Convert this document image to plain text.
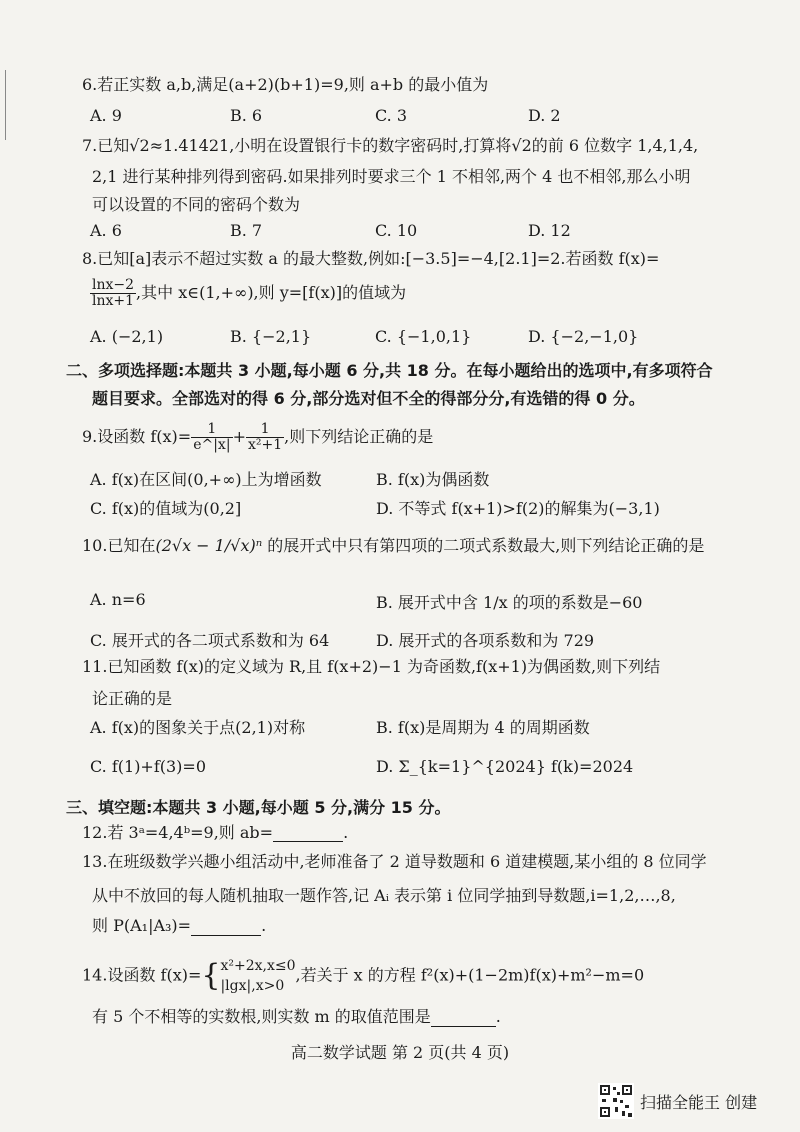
6.若正实数 a,b,满足(a+2)(b+1)=9,则 a+b 的最小值为
A. 9	B. 6	C. 3	D. 2
7.已知√2≈1.41421,小明在设置银行卡的数字密码时,打算将√2的前 6 位数字 1,4,1,4,
2,1 进行某种排列得到密码.如果排列时要求三个 1 不相邻,两个 4 也不相邻,那么小明
可以设置的不同的密码个数为
A. 6	B. 7	C. 10	D. 12
8.已知[a]表示不超过实数 a 的最大整数,例如:[−3.5]=−4,[2.1]=2.若函数 f(x)=
$\frac{\ln x-2}{\ln x+1}$ ,其中 x∈(1,+∞),则 y=[f(x)]的值域为
A. (−2,1)	B. {−2,1}	C. {−1,0,1}	D. {−2,−1,0}
二、多项选择题:本题共 3 小题,每小题 6 分,共 18 分。在每小题给出的选项中,有多项符合
题目要求。全部选对的得 6 分,部分选对但不全的得部分分,有选错的得 0 分。
9.设函数 $f(x)= \frac{1}{e\^{}|x|} + \frac{1}{\text{x²+1}}$ ,则下列结论正确的是
A. f(x)在区间(0,+∞)上为增函数	B. f(x)为偶函数
C. f(x)的值域为(0,2]	D. 不等式 f(x+1)>f(2)的解集为(−3,1)
10.已知在(2√x − 1/√x)ⁿ 的展开式中只有第四项的二项式系数最大,则下列结论正确的是
A. n=6	B. 展开式中含 1/x 的项的系数是−60
C. 展开式的各二项式系数和为 64	D. 展开式的各项系数和为 729
11.已知函数 f(x)的定义域为 R,且 f(x+2)−1 为奇函数,f(x+1)为偶函数,则下列结
论正确的是
A. f(x)的图象关于点(2,1)对称	B. f(x)是周期为 4 的周期函数
C. f(1)+f(3)=0	D. Σ_{k=1}^{2024} f(k)=2024
三、填空题:本题共 3 小题,每小题 5 分,满分 15 分。
12.若 3ᵃ=4,4ᵇ=9,则 ab=	.
13.在班级数学兴趣小组活动中,老师准备了 2 道导数题和 6 道建模题,某小组的 8 位同学
从中不放回的每人随机抽取一题作答,记 Aᵢ 表示第 i 位同学抽到导数题,i=1,2,…,8,
则 P(A₁|A₃)=	.
14.设函数 f(x)={ x²+2x,x≤0
|lgx|,x>0
,若关于 x 的方程 f²(x)+(1−2m)f(x)+m²−m=0
有 5 个不相等的实数根,则实数 m 的取值范围是	.
高二数学试题 第 2 页(共 4 页)
扫描全能王 创建
